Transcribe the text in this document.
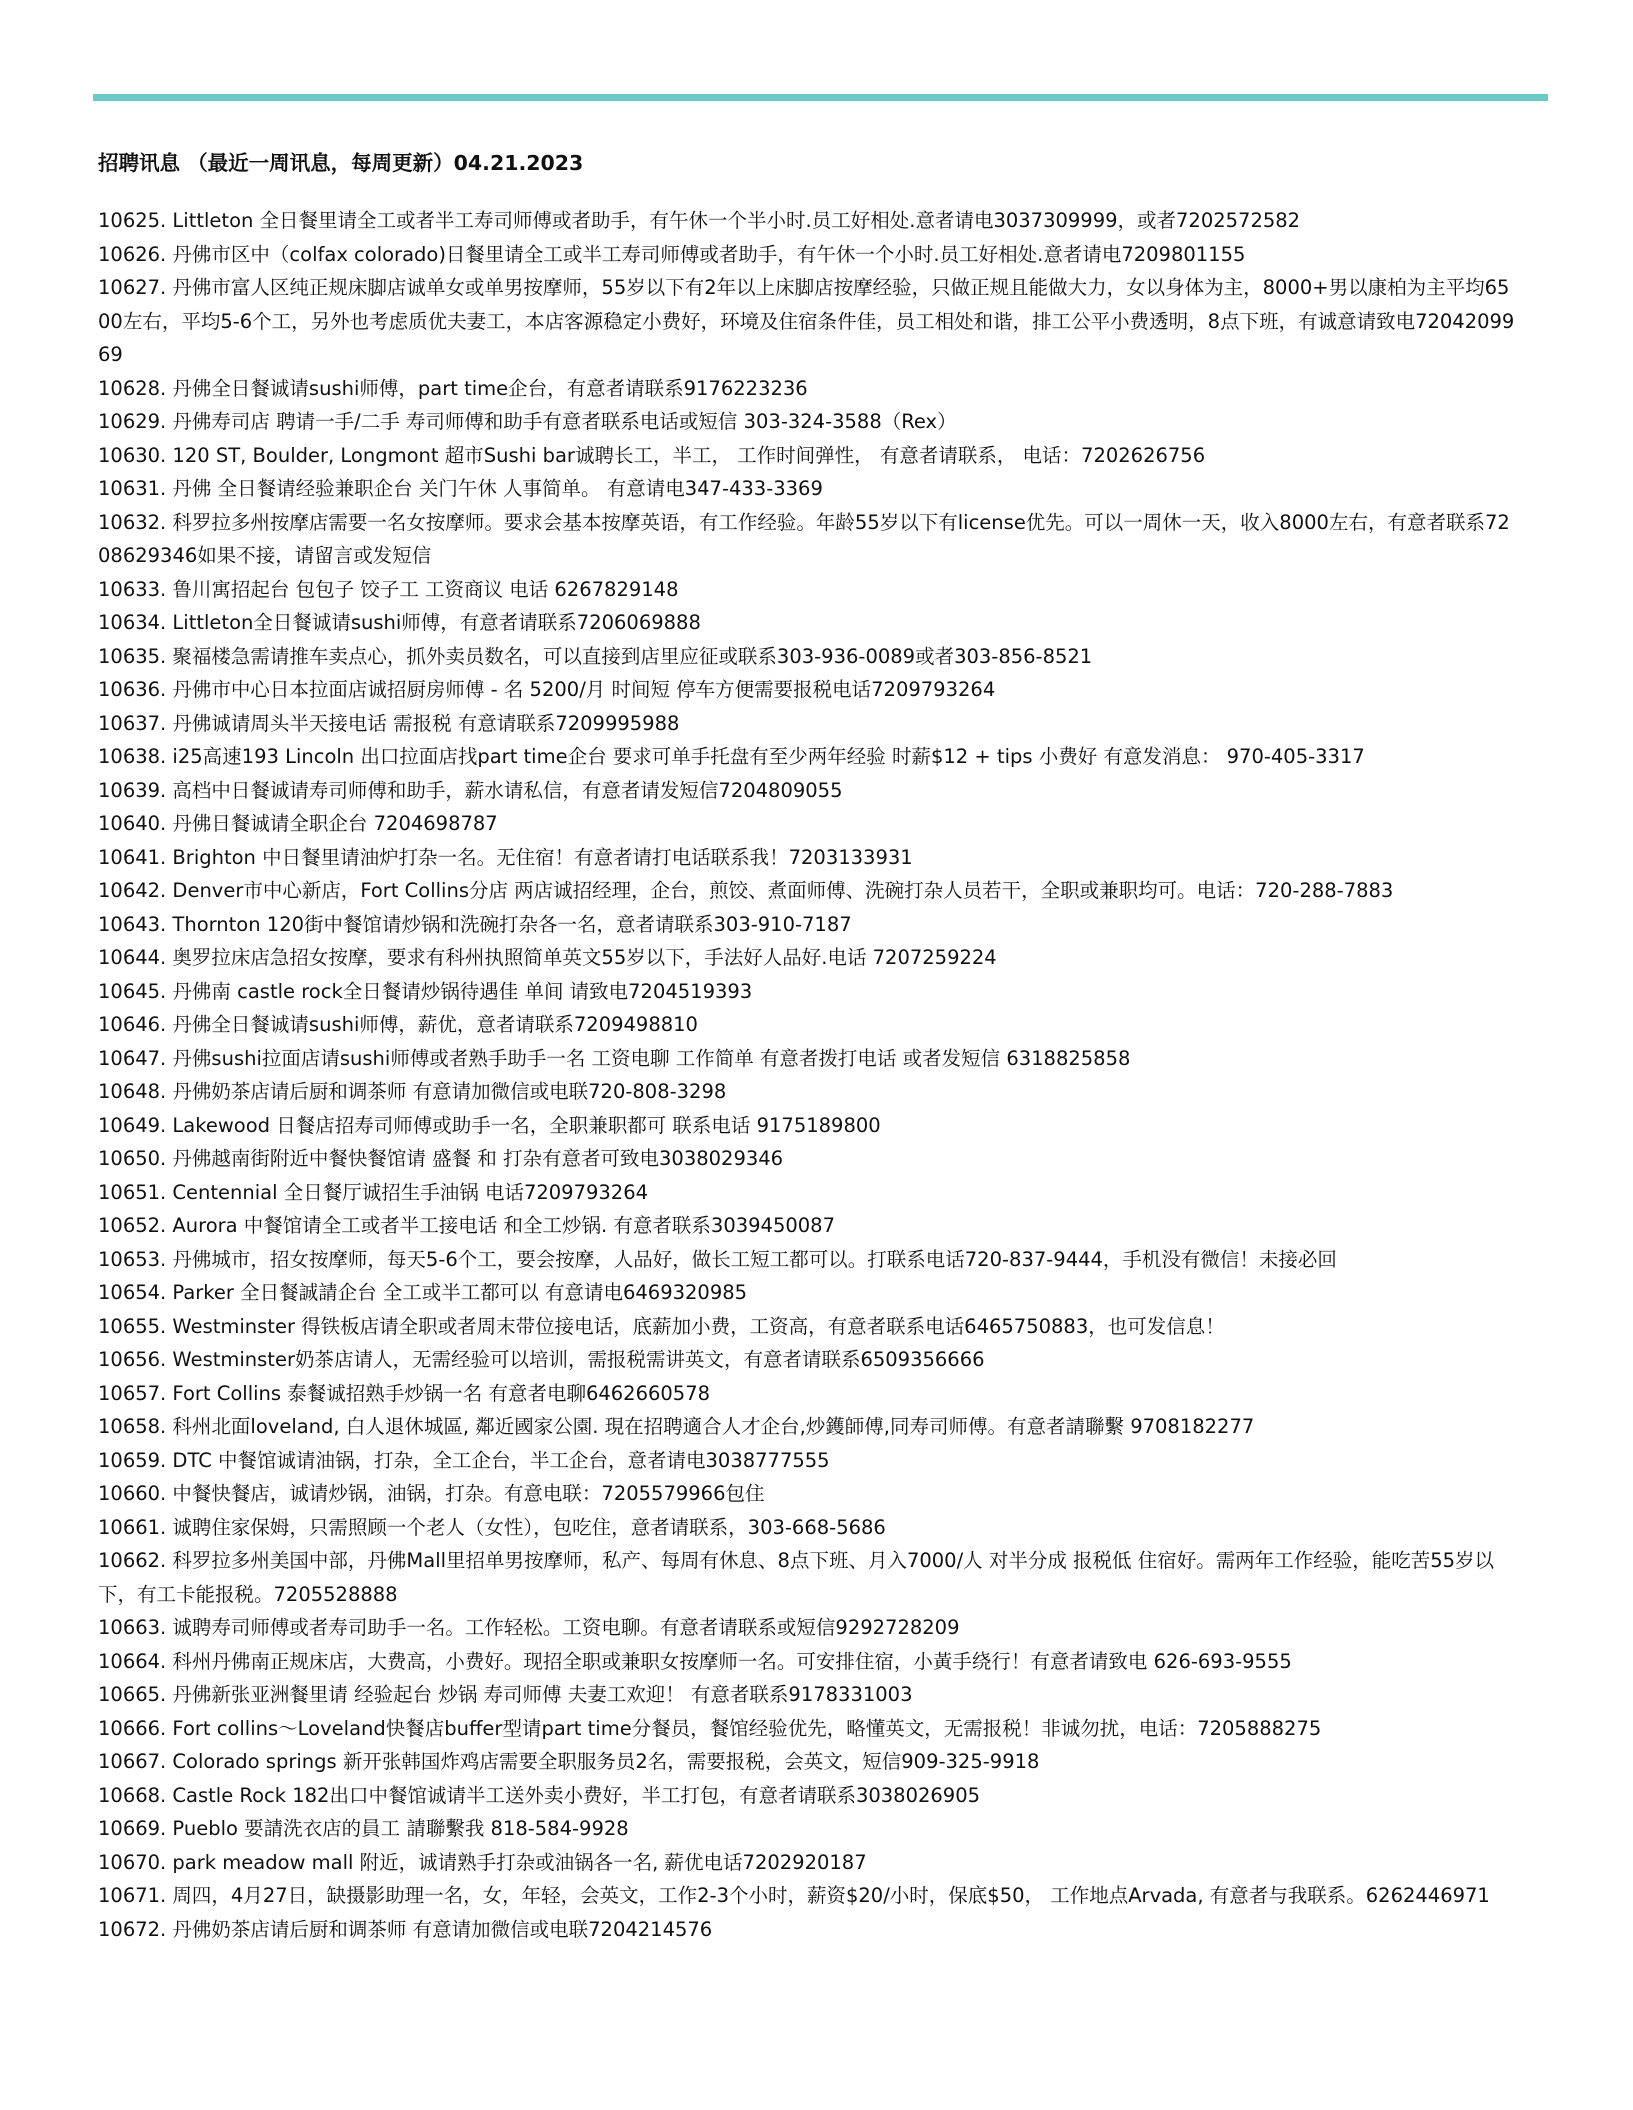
招聘讯息 （最近一周讯息，每周更新）04.21.2023
10625. Littleton 全日餐里请全工或者半工寿司师傅或者助手，有午休一个半小时.员工好相处.意者请电3037309999，或者7202572582
10626. 丹佛市区中（colfax colorado)日餐里请全工或半工寿司师傅或者助手，有午休一个小时.员工好相处.意者请电7209801155
10627. 丹佛市富人区纯正规床脚店诚单女或单男按摩师，55岁以下有2年以上床脚店按摩经验，只做正规且能做大力，女以身体为主，8000+男以康柏为主平均6500左右，平均5-6个工，另外也考虑质优夫妻工，本店客源稳定小费好，环境及住宿条件佳，员工相处和谐，排工公平小费透明，8点下班，有诚意请致电7204209969
10628. 丹佛全日餐诚请sushi师傅，part time企台，有意者请联系9176223236
10629. 丹佛寿司店 聘请一手/二手 寿司师傅和助手有意者联系电话或短信 303-324-3588（Rex）
10630. 120 ST, Boulder, Longmont 超市Sushi bar诚聘长工，半工， 工作时间弹性， 有意者请联系， 电话：7202626756
10631. 丹佛 全日餐请经验兼职企台 关门午休 人事简单。 有意请电347-433-3369
10632. 科罗拉多州按摩店需要一名女按摩师。要求会基本按摩英语，有工作经验。年龄55岁以下有license优先。可以一周休一天，收入8000左右，有意者联系7208629346如果不接，请留言或发短信
10633. 鲁川寓招起台 包包子 饺子工 工资商议 电话 6267829148
10634. Littleton全日餐诚请sushi师傅，有意者请联系7206069888
10635. 聚福楼急需请推车卖点心，抓外卖员数名，可以直接到店里应征或联系303-936-0089或者303-856-8521
10636. 丹佛市中心日本拉面店诚招厨房师傅 - 名 5200/月 时间短 停车方便需要报税电话7209793264
10637. 丹佛诚请周头半天接电话 需报税 有意请联系7209995988
10638. i25高速193 Lincoln 出口拉面店找part time企台 要求可单手托盘有至少两年经验 时薪$12 + tips 小费好 有意发消息： 970-405-3317
10639. 高档中日餐诚请寿司师傅和助手，薪水请私信，有意者请发短信7204809055
10640. 丹佛日餐诚请全职企台 7204698787
10641. Brighton 中日餐里请油炉打杂一名。无住宿！有意者请打电话联系我！7203133931
10642. Denver市中心新店，Fort Collins分店 两店诚招经理，企台，煎饺、煮面师傅、洗碗打杂人员若干，全职或兼职均可。电话：720-288-7883
10643. Thornton 120街中餐馆请炒锅和洗碗打杂各一名，意者请联系303-910-7187
10644. 奥罗拉床店急招女按摩，要求有科州执照简单英文55岁以下，手法好人品好.电话 7207259224
10645. 丹佛南 castle rock全日餐请炒锅待遇佳 单间 请致电7204519393
10646. 丹佛全日餐诚请sushi师傅，薪优，意者请联系7209498810
10647. 丹佛sushi拉面店请sushi师傅或者熟手助手一名 工资电聊 工作简单 有意者拨打电话 或者发短信 6318825858
10648. 丹佛奶茶店请后厨和调茶师 有意请加微信或电联720-808-3298
10649. Lakewood 日餐店招寿司师傅或助手一名，全职兼职都可 联系电话 9175189800
10650. 丹佛越南街附近中餐快餐馆请 盛餐 和 打杂有意者可致电3038029346
10651. Centennial 全日餐厅诚招生手油锅 电话7209793264
10652. Aurora 中餐馆请全工或者半工接电话 和全工炒锅. 有意者联系3039450087
10653. 丹佛城市，招女按摩师，每天5-6个工，要会按摩，人品好，做长工短工都可以。打联系电话720-837-9444，手机没有微信！未接必回
10654. Parker 全日餐誠請企台 全工或半工都可以 有意请电6469320985
10655. Westminster 得铁板店请全职或者周末带位接电话，底薪加小费，工资高，有意者联系电话6465750883，也可发信息！
10656. Westminster奶茶店请人，无需经验可以培训，需报税需讲英文，有意者请联系6509356666
10657. Fort Collins 泰餐诚招熟手炒锅一名 有意者电聊6462660578
10658. 科州北面loveland, 白人退休城區, 鄰近國家公園. 現在招聘適合人才企台,炒鑊師傅,同寿司师傅。有意者請聯繫 9708182277
10659. DTC 中餐馆诚请油锅，打杂，全工企台，半工企台，意者请电3038777555
10660. 中餐快餐店，诚请炒锅，油锅，打杂。有意电联：7205579966包住
10661. 诚聘住家保姆，只需照顾一个老人（女性），包吃住，意者请联系，303-668-5686
10662. 科罗拉多州美国中部，丹佛Mall里招单男按摩师，私产、每周有休息、8点下班、月入7000/人 对半分成 报税低 住宿好。需两年工作经验，能吃苦55岁以下，有工卡能报税。7205528888
10663. 诚聘寿司师傅或者寿司助手一名。工作轻松。工资电聊。有意者请联系或短信9292728209
10664. 科州丹佛南正规床店，大费高，小费好。现招全职或兼职女按摩师一名。可安排住宿，小黃手绕行！有意者请致电 626-693-9555
10665. 丹佛新张亚洲餐里请 经验起台 炒锅 寿司师傅 夫妻工欢迎！ 有意者联系9178331003
10666. Fort collins～Loveland快餐店buffer型请part time分餐员，餐馆经验优先，略懂英文，无需报税！非诚勿扰，电话：7205888275
10667. Colorado springs 新开张韩国炸鸡店需要全职服务员2名，需要报税，会英文，短信909-325-9918
10668. Castle Rock 182出口中餐馆诚请半工送外卖小费好，半工打包，有意者请联系3038026905
10669. Pueblo 要請洗衣店的員工 請聯繫我 818-584-9928
10670. park meadow mall 附近，诚请熟手打杂或油锅各一名, 薪优电话7202920187
10671. 周四，4月27日，缺摄影助理一名，女，年轻，会英文，工作2-3个小时，薪资$20/小时，保底$50， 工作地点Arvada, 有意者与我联系。6262446971
10672. 丹佛奶茶店请后厨和调茶师 有意请加微信或电联7204214576
